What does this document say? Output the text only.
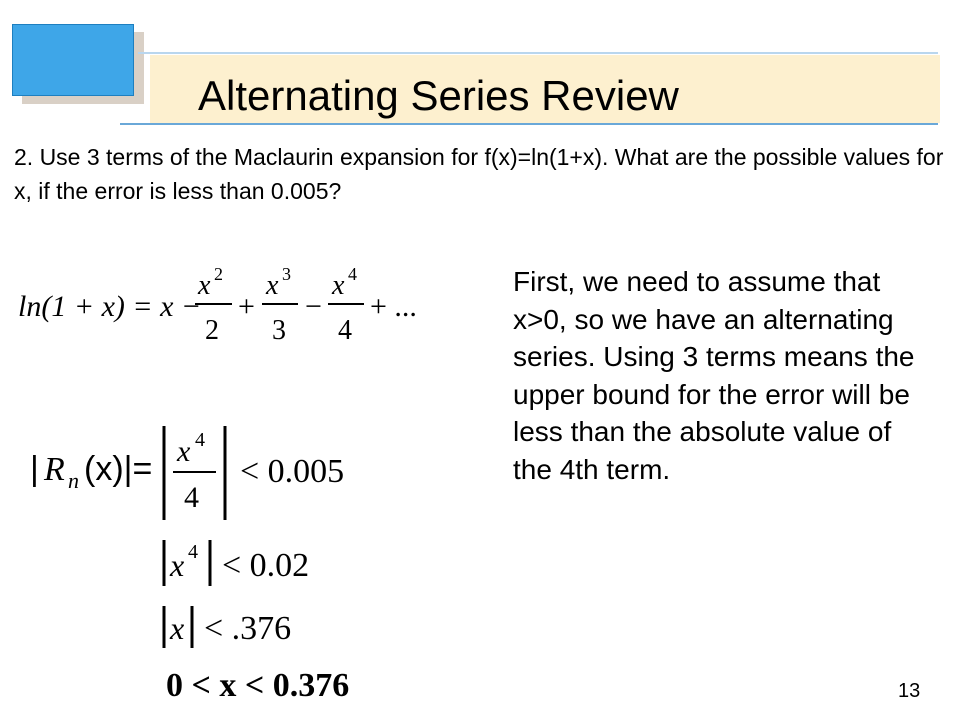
Alternating Series Review
2. Use 3 terms of the Maclaurin expansion for f(x)=ln(1+x). What are the possible values for x, if the error is less than 0.005?
First, we need to assume that x>0, so we have an alternating series. Using 3 terms means the upper bound for the error will be less than the absolute value of the 4th term.
13
ln(1 + x) = x −
x 2
2
+
x 3
3
−
x 4
4
+ ...
| R n (x)|= x 4
4
< 0.005
x 4 < 0.02
x < .376
0 < x < 0.376
